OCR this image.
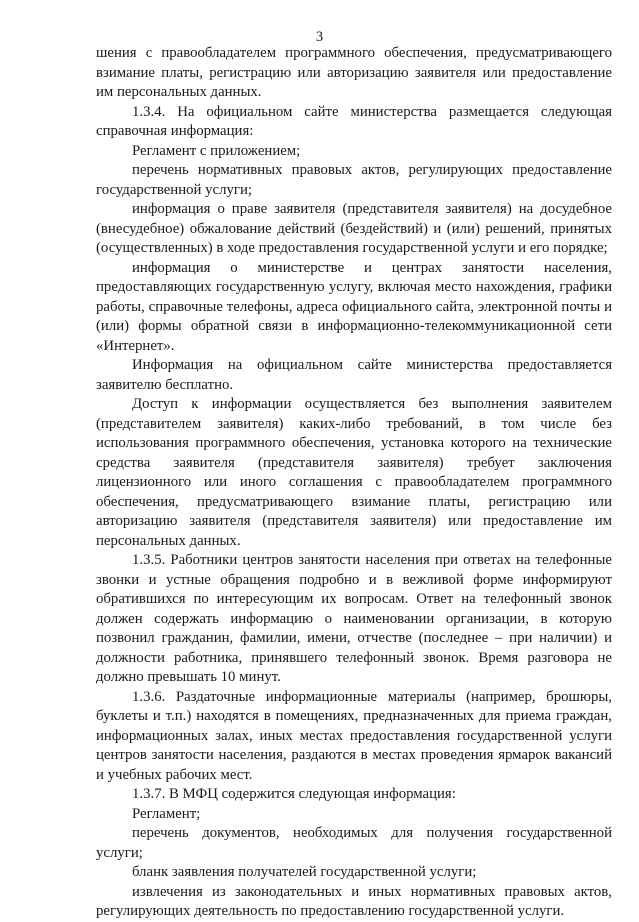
3

шения с правообладателем программного обеспечения, предусматривающего взимание платы, регистрацию или авторизацию заявителя или предоставление им персональных данных.

1.3.4. На официальном сайте министерства размещается следующая справочная информация:

Регламент с приложением;

перечень нормативных правовых актов, регулирующих предоставление государственной услуги;

информация о праве заявителя (представителя заявителя) на досудебное (внесудебное) обжалование действий (бездействий) и (или) решений, принятых (осуществленных) в ходе предоставления государственной услуги и его порядке;

информация о министерстве и центрах занятости населения, предоставляющих государственную услугу, включая место нахождения, графики работы, справочные телефоны, адреса официального сайта, электронной почты и (или) формы обратной связи в информационно-телекоммуникационной сети «Интернет».

Информация на официальном сайте министерства предоставляется заявителю бесплатно.

Доступ к информации осуществляется без выполнения заявителем (представителем заявителя) каких-либо требований, в том числе без использования программного обеспечения, установка которого на технические средства заявителя (представителя заявителя) требует заключения лицензионного или иного соглашения с правообладателем программного обеспечения, предусматривающего взимание платы, регистрацию или авторизацию заявителя (представителя заявителя) или предоставление им персональных данных.

1.3.5. Работники центров занятости населения при ответах на телефонные звонки и устные обращения подробно и в вежливой форме информируют обратившихся по интересующим их вопросам. Ответ на телефонный звонок должен содержать информацию о наименовании организации, в которую позвонил гражданин, фамилии, имени, отчестве (последнее – при наличии) и должности работника, принявшего телефонный звонок. Время разговора не должно превышать 10 минут.

1.3.6. Раздаточные информационные материалы (например, брошюры, буклеты и т.п.) находятся в помещениях, предназначенных для приема граждан, информационных залах, иных местах предоставления государственной услуги центров занятости населения, раздаются в местах проведения ярмарок вакансий и учебных рабочих мест.

1.3.7. В МФЦ содержится следующая информация:

Регламент;

перечень документов, необходимых для получения государственной услуги;

бланк заявления получателей государственной услуги;

извлечения из законодательных и иных нормативных правовых актов, регулирующих деятельность по предоставлению государственной услуги.
